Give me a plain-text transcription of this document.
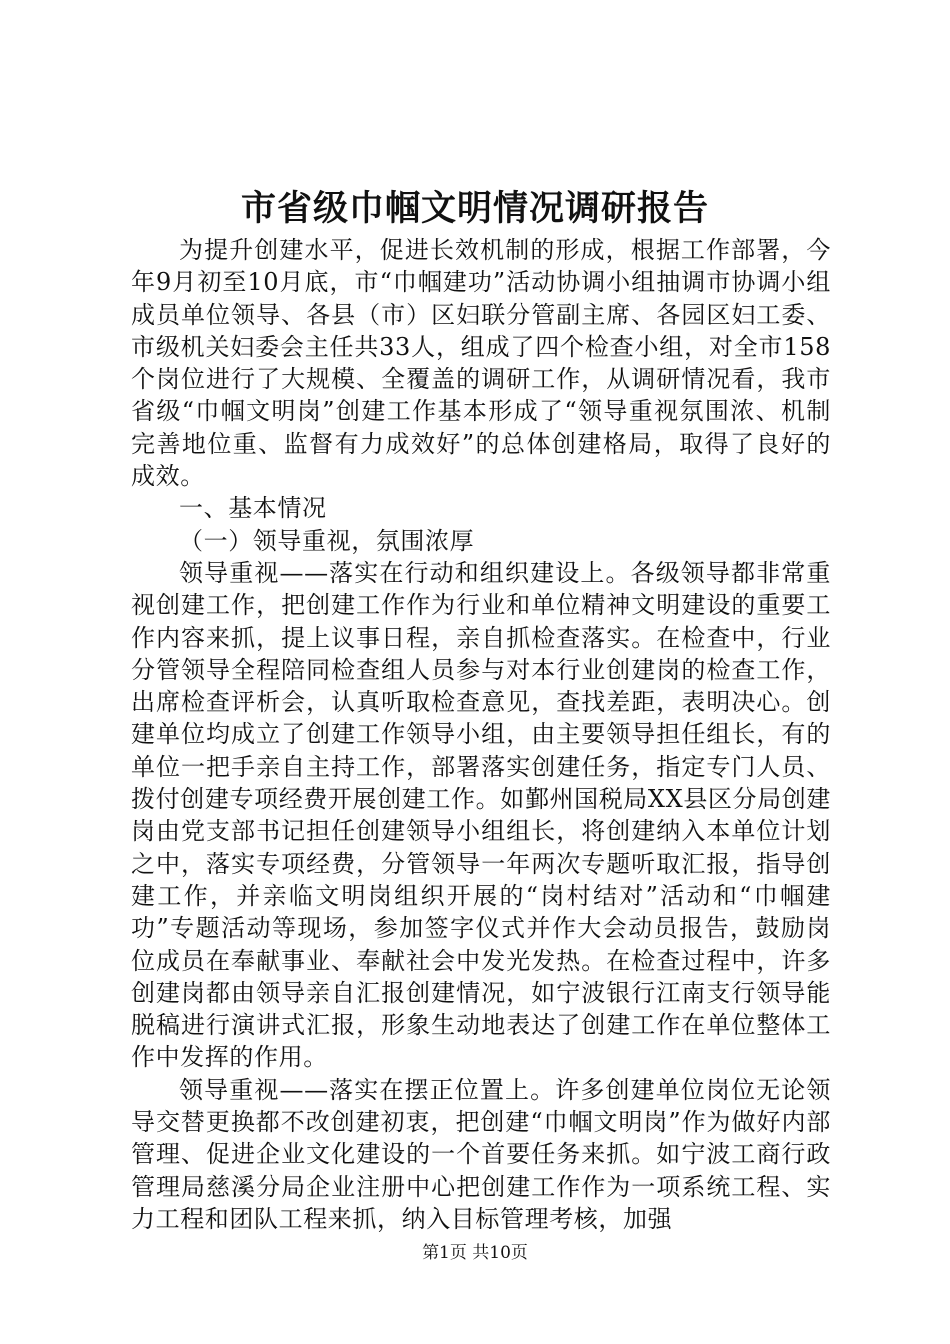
市省级巾帼文明情况调研报告

为提升创建水平，促进长效机制的形成，根据工作部署，今年9月初至10月底，市“巾帼建功”活动协调小组抽调市协调小组成员单位领导、各县（市）区妇联分管副主席、各园区妇工委、市级机关妇委会主任共33人，组成了四个检查小组，对全市158个岗位进行了大规模、全覆盖的调研工作，从调研情况看，我市省级“巾帼文明岗”创建工作基本形成了“领导重视氛围浓、机制完善地位重、监督有力成效好”的总体创建格局，取得了良好的成效。

一、基本情况

（一）领导重视，氛围浓厚

领导重视——落实在行动和组织建设上。各级领导都非常重视创建工作，把创建工作作为行业和单位精神文明建设的重要工作内容来抓，提上议事日程，亲自抓检查落实。在检查中，行业分管领导全程陪同检查组人员参与对本行业创建岗的检查工作，出席检查评析会，认真听取检查意见，查找差距，表明决心。创建单位均成立了创建工作领导小组，由主要领导担任组长，有的单位一把手亲自主持工作，部署落实创建任务，指定专门人员、拨付创建专项经费开展创建工作。如鄞州国税局XX县区分局创建岗由党支部书记担任创建领导小组组长，将创建纳入本单位计划之中，落实专项经费，分管领导一年两次专题听取汇报，指导创建工作，并亲临文明岗组织开展的“岗村结对”活动和“巾帼建功”专题活动等现场，参加签字仪式并作大会动员报告，鼓励岗位成员在奉献事业、奉献社会中发光发热。在检查过程中，许多创建岗都由领导亲自汇报创建情况，如宁波银行江南支行领导能脱稿进行演讲式汇报，形象生动地表达了创建工作在单位整体工作中发挥的作用。

领导重视——落实在摆正位置上。许多创建单位岗位无论领导交替更换都不改创建初衷，把创建“巾帼文明岗”作为做好内部管理、促进企业文化建设的一个首要任务来抓。如宁波工商行政管理局慈溪分局企业注册中心把创建工作作为一项系统工程、实力工程和团队工程来抓，纳入目标管理考核，加强

第1页 共10页
